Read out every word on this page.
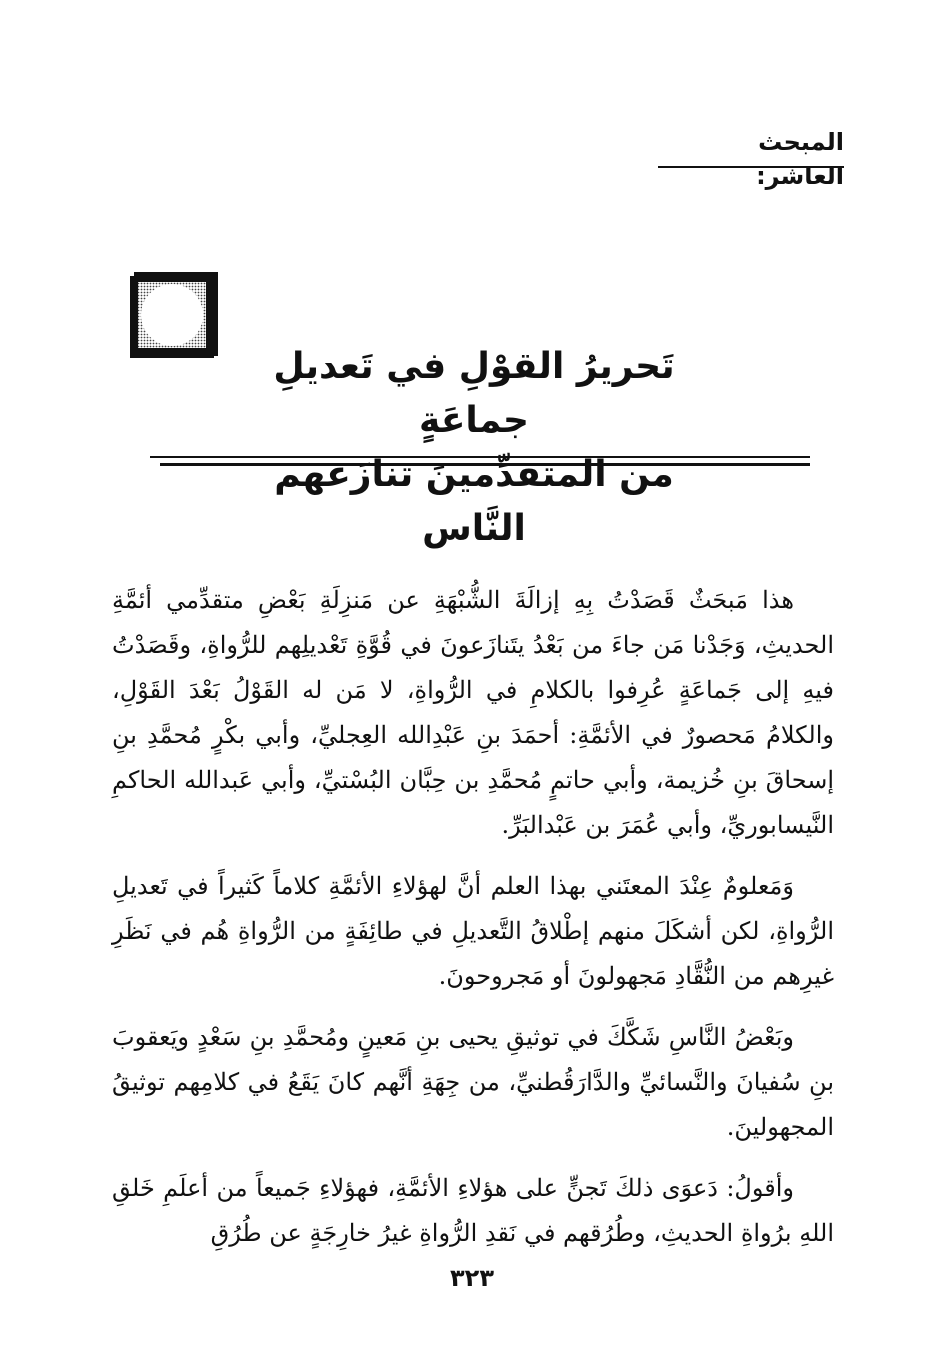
المبحث العاشر:
تَحريرُ القوْلِ في تَعديلِ جماعَةٍ
من المتقدِّمينَ تنازَعهم النَّاس

هذا مَبحَثٌ قَصَدْتُ بِهِ إزالَةَ الشُّبْهَةِ عن مَنزِلَةِ بَعْضِ متقدِّمي أئمَّةِ الحديثِ، وَجَدْنا مَن جاءَ من بَعْدُ يتَنازَعونَ في قُوَّةِ تَعْديلِهم للرُّواةِ، وقَصَدْتُ فيهِ إلى جَماعَةٍ عُرِفوا بالكلامِ في الرُّواةِ، لا مَن له القَوْلُ بَعْدَ القَوْلِ، والكلامُ مَحصورٌ في الأئمَّةِ: أحمَدَ بنِ عَبْدِالله العِجليِّ، وأبي بكْرٍ مُحمَّدِ بنِ إسحاقَ بنِ خُزيمة، وأبي حاتمٍ مُحمَّدِ بن حِبَّان البُسْتيِّ، وأبي عَبدالله الحاكمِ النَّيسابوريِّ، وأبي عُمَرَ بن عَبْدالبَرِّ.

وَمَعلومٌ عِنْدَ المعتَني بهذا العلم أنَّ لهؤلاءِ الأئمَّةِ كلاماً كَثيراً في تَعديلِ الرُّواةِ، لكن أشكَلَ منهم إطْلاقُ التَّعديلِ في طائِفَةٍ من الرُّواةِ هُم في نَظَرِ غيرِهم من النُّقَّادِ مَجهولونَ أو مَجروحونَ.

وبَعْضُ النَّاسِ شَكَّكَ في توثيقِ يحيى بنِ مَعينٍ ومُحمَّدِ بنِ سَعْدٍ ويَعقوبَ بنِ سُفيانَ والنَّسائيِّ والدَّارَقُطنيِّ، من جِهَةِ أنَّهم كانَ يَقَعُ في كلامِهم توثيقُ المجهولينَ.

وأقولُ: دَعوَى ذلكَ تَجنٍّ على هؤلاءِ الأئمَّةِ، فهؤلاءِ جَميعاً من أعلَمِ خَلقِ اللهِ برُواةِ الحديثِ، وطُرُقهم في نَقدِ الرُّواةِ غيرُ خارِجَةٍ عن طُرُقِ

٣٢٣
